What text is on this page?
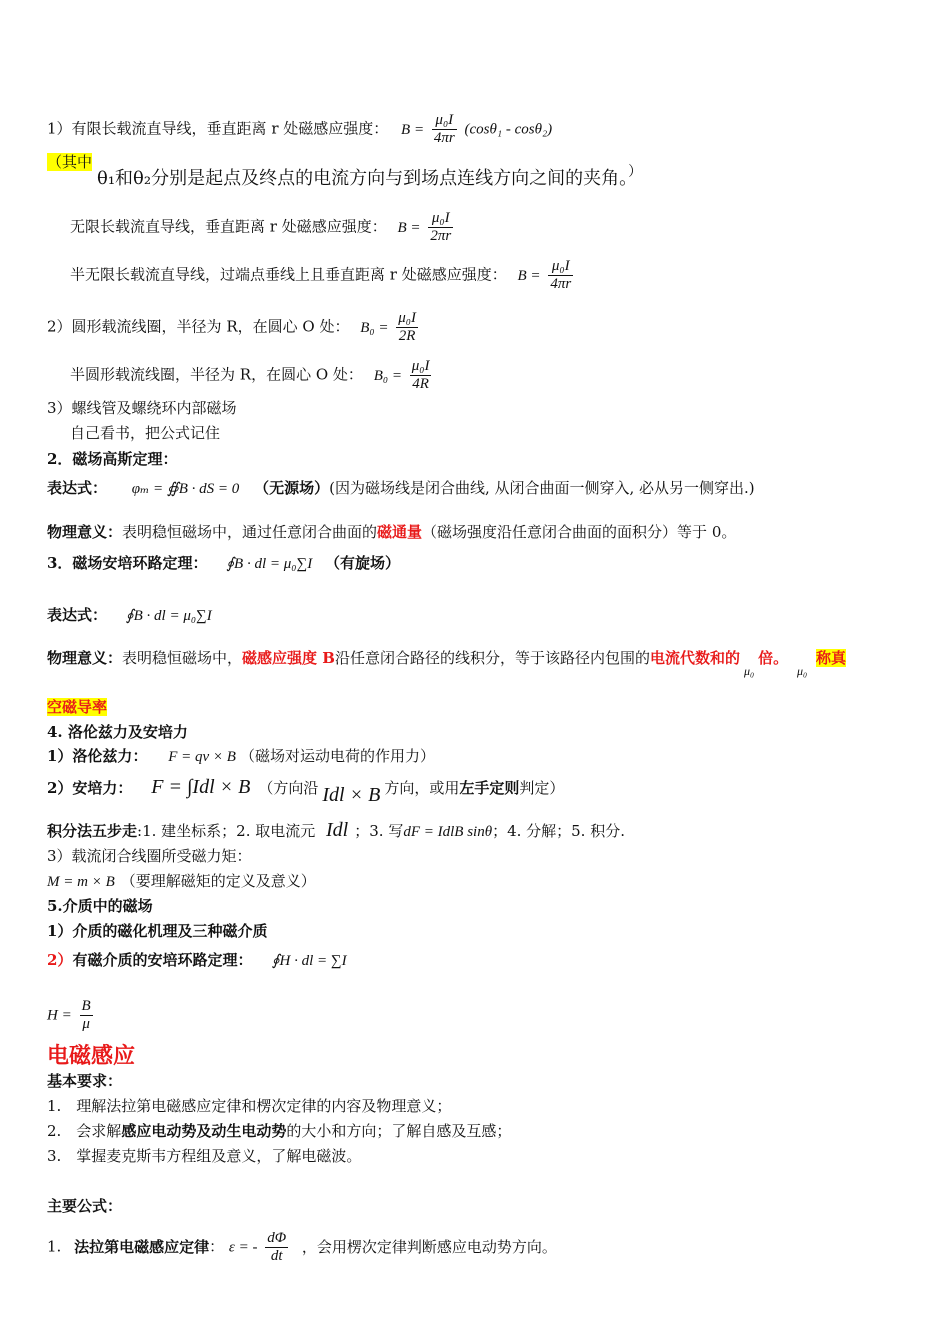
1）有限长载流直导线，垂直距离 r 处磁感应强度： $B = \frac{\text{μ₀I}}{4\pi r} (\cos\theta_1 - \cos\theta_2)$
（其中
θ₁和θ₂分别是起点及终点的电流方向与到场点连线方向之间的夹角。）
无限长载流直导线，垂直距离 r 处磁感应强度： $B = \frac{\text{μ₀I}}{2\pi r}$
半无限长载流直导线，过端点垂线上且垂直距离 r 处磁感应强度： $B = \frac{\text{μ₀I}}{4\pi r}$
2）圆形载流线圈，半径为 R，在圆心 O 处： $B_0 = \frac{\text{μ₀I}}{2R}$
半圆形载流线圈，半径为 R，在圆心 O 处： $B_0 = \frac{\text{μ₀I}}{4R}$
3）螺线管及螺绕环内部磁场
自己看书，把公式记住
2．磁场高斯定理：
表达式： φₘ = ∯B · dS = 0 （无源场）(因为磁场线是闭合曲线, 从闭合曲面一侧穿入, 必从另一侧穿出.)
物理意义：表明稳恒磁场中，通过任意闭合曲面的磁通量（磁场强度沿任意闭合曲面的面积分）等于 0。
3．磁场安培环路定理： ∮B · dl = μ₀∑I （有旋场）
表达式： ∮B · dl = μ₀∑I
物理意义：表明稳恒磁场中，磁感应强度 B沿任意闭合路径的线积分，等于该路径内包围的电流代数和的$_{\mu_0}$倍。 $_{\mu_0}$ 称真
空磁导率
4. 洛伦兹力及安培力
1）洛伦兹力： F = qv × B （磁场对运动电荷的作用力）
2）安培力： F = ∫Idl × B （方向沿 Idl × B 方向，或用左手定则判定）
积分法五步走:1. 建坐标系；2. 取电流元 Idl ；3. 写dF = IdlB sinθ；4. 分解；5. 积分.
3）载流闭合线圈所受磁力矩：
M = m × B （要理解磁矩的定义及意义）
5.介质中的磁场
1）介质的磁化机理及三种磁介质
2）有磁介质的安培环路定理： ∮H · dl = ∑I
$H = \frac{B}{\mu}$
电磁感应
基本要求：
1.　理解法拉第电磁感应定律和楞次定律的内容及物理意义；
2.　会求解感应电动势及动生电动势的大小和方向；了解自感及互感；
3.　掌握麦克斯韦方程组及意义，了解电磁波。
主要公式：
1. 法拉第电磁感应定律： ε = - $\frac{d\Phi}{dt}$ ，会用楞次定律判断感应电动势方向。
